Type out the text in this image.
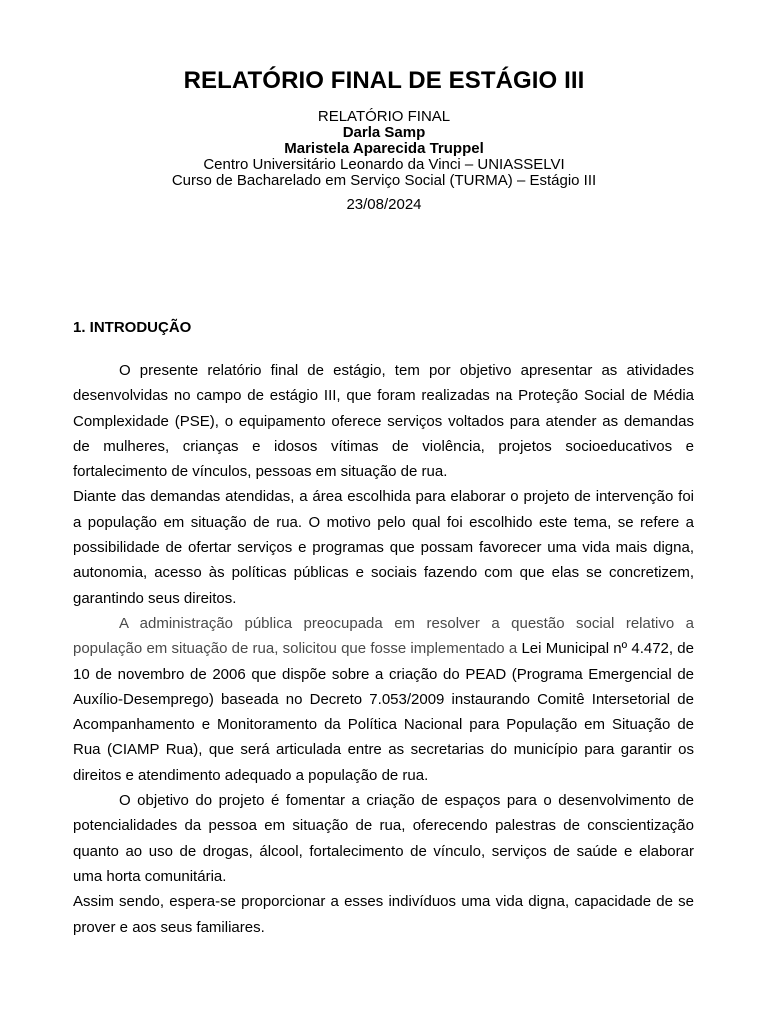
RELATÓRIO FINAL DE ESTÁGIO III
RELATÓRIO FINAL
Darla Samp
Maristela Aparecida Truppel
Centro Universitário Leonardo da Vinci – UNIASSELVI
Curso de Bacharelado em Serviço Social (TURMA) – Estágio III
23/08/2024
1. INTRODUÇÃO

O presente relatório final de estágio, tem por objetivo apresentar as atividades desenvolvidas no campo de estágio III, que foram realizadas na Proteção Social de Média Complexidade (PSE), o equipamento oferece serviços voltados para atender as demandas de mulheres, crianças e idosos vítimas de violência, projetos socioeducativos e fortalecimento de vínculos, pessoas em situação de rua.

Diante das demandas atendidas, a área escolhida para elaborar o projeto de intervenção foi a população em situação de rua. O motivo pelo qual foi escolhido este tema, se refere a possibilidade de ofertar serviços e programas que possam favorecer uma vida mais digna, autonomia, acesso às políticas públicas e sociais fazendo com que elas se concretizem, garantindo seus direitos.

A administração pública preocupada em resolver a questão social relativo a população em situação de rua, solicitou que fosse implementado a Lei Municipal nº 4.472, de 10 de novembro de 2006 que dispõe sobre a criação do PEAD (Programa Emergencial de Auxílio-Desemprego) baseada no Decreto 7.053/2009 instaurando Comitê Intersetorial de Acompanhamento e Monitoramento da Política Nacional para População em Situação de Rua (CIAMP Rua), que será articulada entre as secretarias do município para garantir os direitos e atendimento adequado a população de rua.

O objetivo do projeto é fomentar a criação de espaços para o desenvolvimento de potencialidades da pessoa em situação de rua, oferecendo palestras de conscientização quanto ao uso de drogas, álcool, fortalecimento de vínculo, serviços de saúde e elaborar uma horta comunitária.

Assim sendo, espera-se proporcionar a esses indivíduos uma vida digna, capacidade de se prover e aos seus familiares.
